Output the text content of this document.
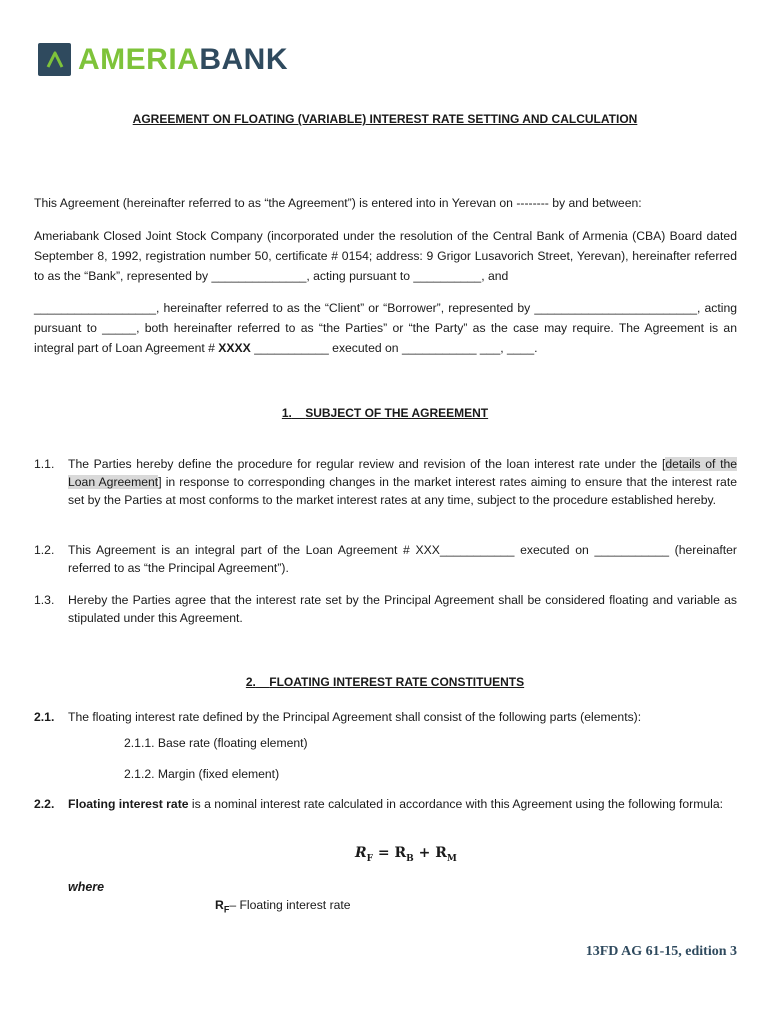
AMERIABANK
AGREEMENT ON FLOATING (VARIABLE) INTEREST RATE SETTING AND CALCULATION

This Agreement (hereinafter referred to as “the Agreement”) is entered into in Yerevan on -------- by and between:

Ameriabank Closed Joint Stock Company (incorporated under the resolution of the Central Bank of Armenia (CBA) Board dated September 8, 1992, registration number 50, certificate # 0154; address: 9 Grigor Lusavorich Street, Yerevan), hereinafter referred to as the “Bank”, represented by ______________, acting pursuant to __________, and

__________________, hereinafter referred to as the “Client” or “Borrower”, represented by ________________________, acting pursuant to _____, both hereinafter referred to as “the Parties” or “the Party” as the case may require. The Agreement is an integral part of Loan Agreement # XXXX ___________ executed on ___________ ___, ____.

1. SUBJECT OF THE AGREEMENT
1.1. The Parties hereby define the procedure for regular review and revision of the loan interest rate under the [details of the Loan Agreement] in response to corresponding changes in the market interest rates aiming to ensure that the interest rate set by the Parties at most conforms to the market interest rates at any time, subject to the procedure established hereby.
1.2. This Agreement is an integral part of the Loan Agreement # XXX___________ executed on ___________ (hereinafter referred to as “the Principal Agreement”).
1.3. Hereby the Parties agree that the interest rate set by the Principal Agreement shall be considered floating and variable as stipulated under this Agreement.
2. FLOATING INTEREST RATE CONSTITUENTS
2.1. The floating interest rate defined by the Principal Agreement shall consist of the following parts (elements):
2.1.1. Base rate (floating element)
2.1.2. Margin (fixed element)
2.2. Floating interest rate is a nominal interest rate calculated in accordance with this Agreement using the following formula:
$R_F = R_B + R_M$
where
$R_F-$ Floating interest rate
13FD AG 61-15, edition 3
